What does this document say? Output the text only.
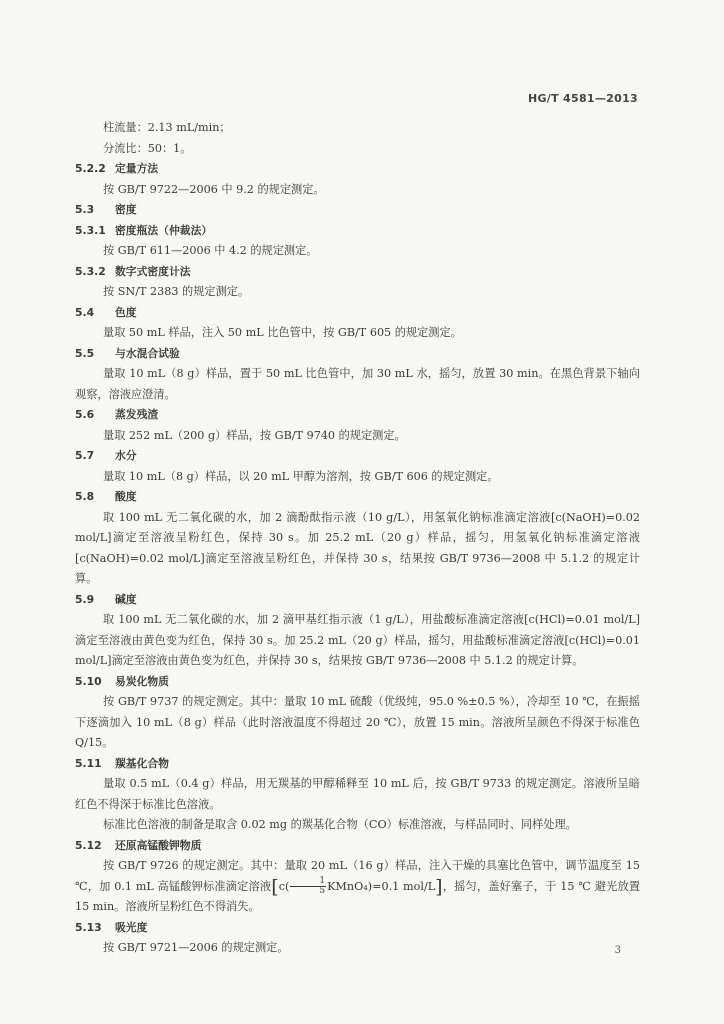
HG/T 4581—2013
柱流量：2.13 mL/min；
分流比：50：1。
5.2.2 定量方法
按 GB/T 9722—2006 中 9.2 的规定测定。
5.3 密度
5.3.1 密度瓶法（仲裁法）
按 GB/T 611—2006 中 4.2 的规定测定。
5.3.2 数字式密度计法
按 SN/T 2383 的规定测定。
5.4 色度
量取 50 mL 样品，注入 50 mL 比色管中，按 GB/T 605 的规定测定。
5.5 与水混合试验
量取 10 mL（8 g）样品，置于 50 mL 比色管中，加 30 mL 水，摇匀，放置 30 min。在黑色背景下轴向观察，溶液应澄清。
5.6 蒸发残渣
量取 252 mL（200 g）样品，按 GB/T 9740 的规定测定。
5.7 水分
量取 10 mL（8 g）样品，以 20 mL 甲醇为溶剂，按 GB/T 606 的规定测定。
5.8 酸度
取 100 mL 无二氧化碳的水，加 2 滴酚酞指示液（10 g/L），用氢氧化钠标准滴定溶液[c(NaOH)=0.02 mol/L]滴定至溶液呈粉红色，保持 30 s。加 25.2 mL（20 g）样品，摇匀，用氢氧化钠标准滴定溶液[c(NaOH)=0.02 mol/L]滴定至溶液呈粉红色，并保持 30 s，结果按 GB/T 9736—2008 中 5.1.2 的规定计算。
5.9 碱度
取 100 mL 无二氧化碳的水，加 2 滴甲基红指示液（1 g/L），用盐酸标准滴定溶液[c(HCl)=0.01 mol/L]滴定至溶液由黄色变为红色，保持 30 s。加 25.2 mL（20 g）样品，摇匀，用盐酸标准滴定溶液[c(HCl)=0.01 mol/L]滴定至溶液由黄色变为红色，并保持 30 s，结果按 GB/T 9736—2008 中 5.1.2 的规定计算。
5.10 易炭化物质
按 GB/T 9737 的规定测定。其中：量取 10 mL 硫酸（优级纯，95.0 %±0.5 %），冷却至 10 ℃，在振摇下逐滴加入 10 mL（8 g）样品（此时溶液温度不得超过 20 ℃），放置 15 min。溶液所呈颜色不得深于标准色 Q/15。
5.11 羰基化合物
量取 0.5 mL（0.4 g）样品，用无羰基的甲醇稀释至 10 mL 后，按 GB/T 9733 的规定测定。溶液所呈暗红色不得深于标准比色溶液。
标准比色溶液的制备是取含 0.02 mg 的羰基化合物（CO）标准溶液，与样品同时、同样处理。
5.12 还原高锰酸钾物质
按 GB/T 9726 的规定测定。其中：量取 20 mL（16 g）样品，注入干燥的具塞比色管中，调节温度至 15 ℃，加 0.1 mL 高锰酸钾标准滴定溶液[$c( \frac{1}{5}$ KMnO₄)=0.1 mol/L]，摇匀，盖好塞子，于 15 ℃ 避光放置 15 min。溶液所呈粉红色不得消失。
5.13 吸光度
按 GB/T 9721—2006 的规定测定。	3
